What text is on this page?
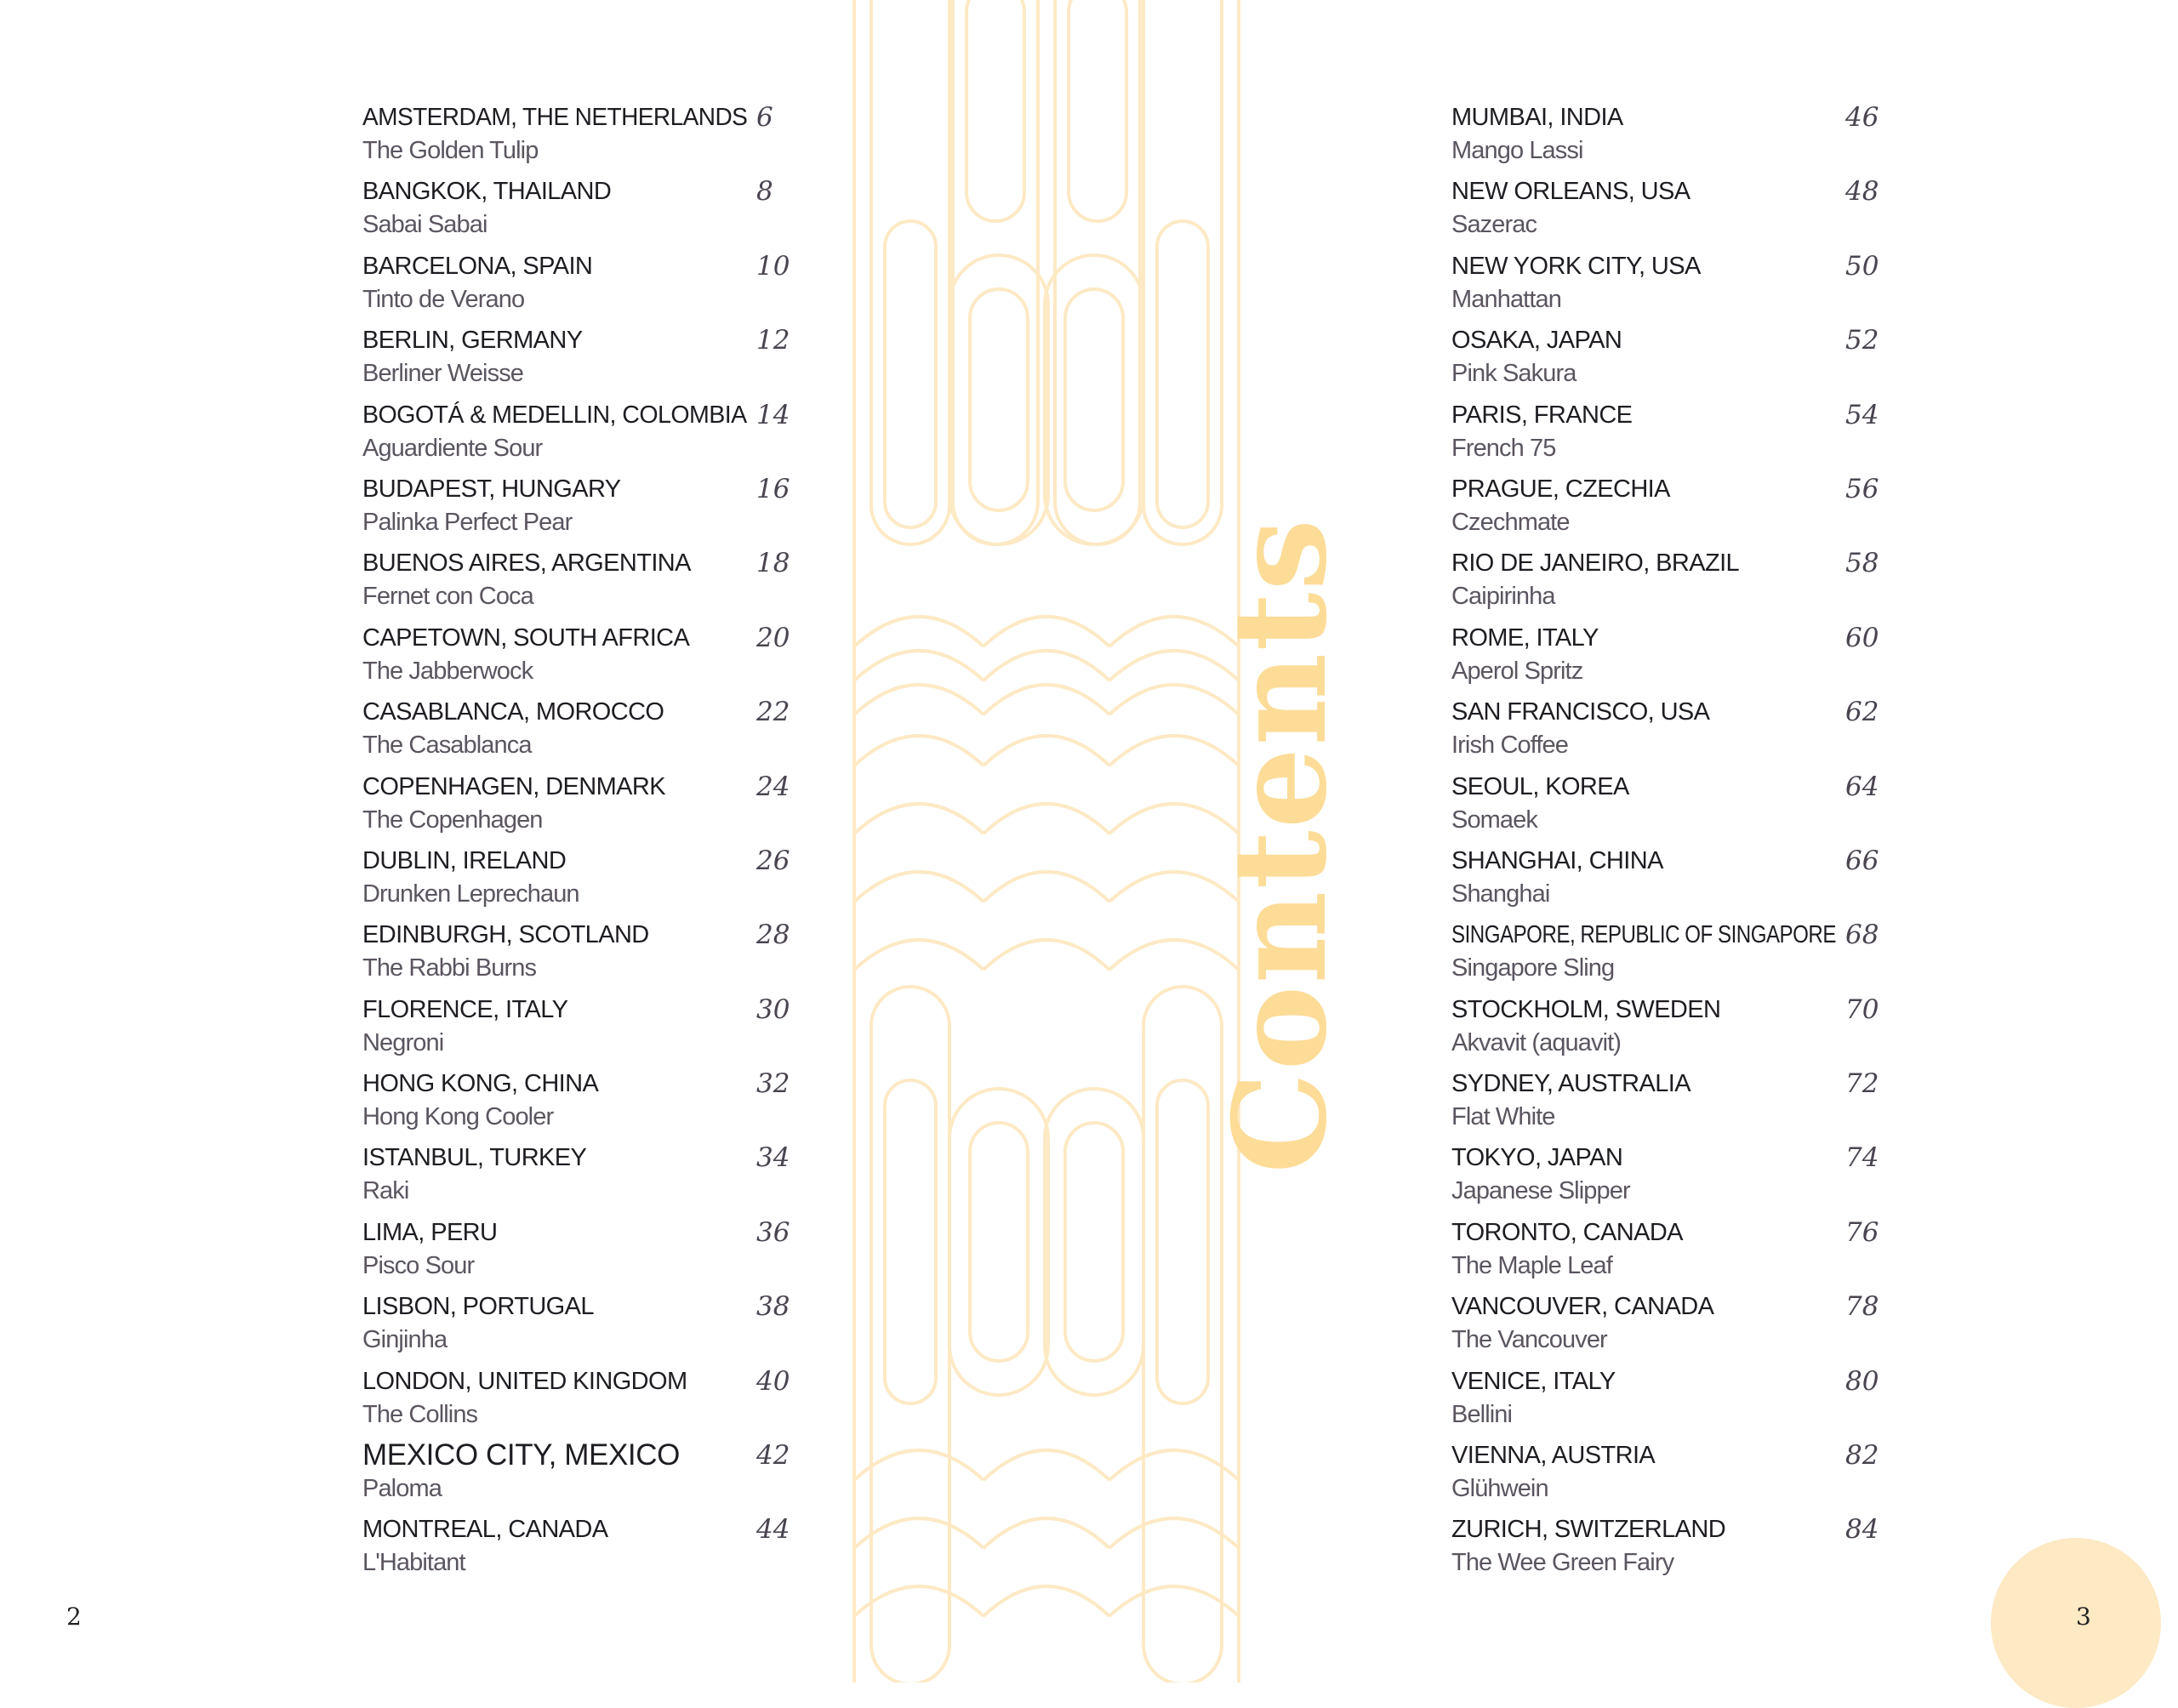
Contents
AMSTERDAM, THE NETHERLANDS
The Golden Tulip
6
BANGKOK, THAILAND
Sabai Sabai
8
BARCELONA, SPAIN
Tinto de Verano
10
BERLIN, GERMANY
Berliner Weisse
12
BOGOTÁ & MEDELLIN, COLOMBIA
Aguardiente Sour
14
BUDAPEST, HUNGARY
Palinka Perfect Pear
16
BUENOS AIRES, ARGENTINA
Fernet con Coca
18
CAPETOWN, SOUTH AFRICA
The Jabberwock
20
CASABLANCA, MOROCCO
The Casablanca
22
COPENHAGEN, DENMARK
The Copenhagen
24
DUBLIN, IRELAND
Drunken Leprechaun
26
EDINBURGH, SCOTLAND
The Rabbi Burns
28
FLORENCE, ITALY
Negroni
30
HONG KONG, CHINA
Hong Kong Cooler
32
ISTANBUL, TURKEY
Raki
34
LIMA, PERU
Pisco Sour
36
LISBON, PORTUGAL
Ginjinha
38
LONDON, UNITED KINGDOM
The Collins
40
MEXICO CITY, MEXICO
Paloma
42
MONTREAL, CANADA
L'Habitant
44
MUMBAI, INDIA
Mango Lassi
46
NEW ORLEANS, USA
Sazerac
48
NEW YORK CITY, USA
Manhattan
50
OSAKA, JAPAN
Pink Sakura
52
PARIS, FRANCE
French 75
54
PRAGUE, CZECHIA
Czechmate
56
RIO DE JANEIRO, BRAZIL
Caipirinha
58
ROME, ITALY
Aperol Spritz
60
SAN FRANCISCO, USA
Irish Coffee
62
SEOUL, KOREA
Somaek
64
SHANGHAI, CHINA
Shanghai
66
SINGAPORE, REPUBLIC OF SINGAPORE
Singapore Sling
68
STOCKHOLM, SWEDEN
Akvavit (aquavit)
70
SYDNEY, AUSTRALIA
Flat White
72
TOKYO, JAPAN
Japanese Slipper
74
TORONTO, CANADA
The Maple Leaf
76
VANCOUVER, CANADA
The Vancouver
78
VENICE, ITALY
Bellini
80
VIENNA, AUSTRIA
Glühwein
82
ZURICH, SWITZERLAND
The Wee Green Fairy
84
2	3
